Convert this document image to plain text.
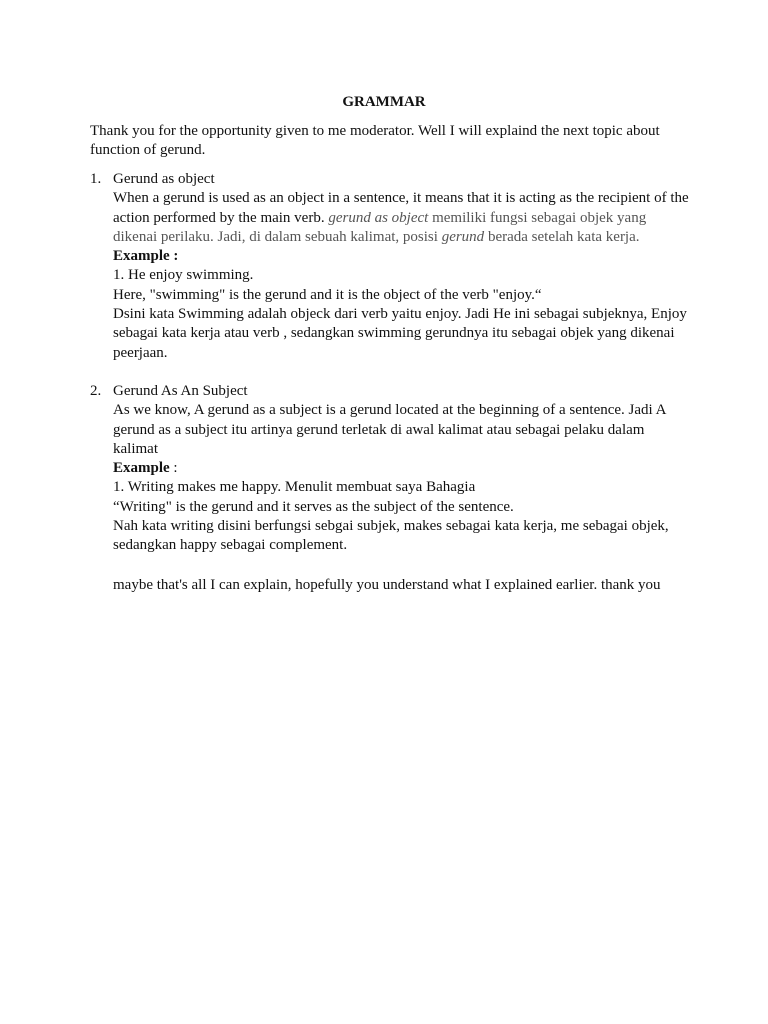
GRAMMAR
Thank you for the opportunity given to me moderator. Well I will explaind the next topic about function of gerund.
1. Gerund as object

When a gerund is used as an object in a sentence, it means that it is acting as the recipient of the action performed by the main verb. gerund as object memiliki fungsi sebagai objek yang dikenai perilaku. Jadi, di dalam sebuah kalimat, posisi gerund berada setelah kata kerja.

Example :

1. He enjoy swimming.

Here, "swimming" is the gerund and it is the object of the verb "enjoy.“

Dsini kata Swimming adalah objeck dari verb yaitu enjoy. Jadi He ini sebagai subjeknya, Enjoy sebagai kata kerja atau verb , sedangkan swimming gerundnya itu sebagai objek yang dikenai peerjaan.

2. Gerund As An Subject

As we know, A gerund as a subject is a gerund located at the beginning of a sentence. Jadi A gerund as a subject itu artinya gerund terletak di awal kalimat atau sebagai pelaku dalam kalimat

Example :

1. Writing makes me happy. Menulit membuat saya Bahagia

“Writing" is the gerund and it serves as the subject of the sentence.

Nah kata writing disini berfungsi sebgai subjek, makes sebagai kata kerja, me sebagai objek, sedangkan happy sebagai complement.

maybe that's all I can explain, hopefully you understand what I explained earlier. thank you
